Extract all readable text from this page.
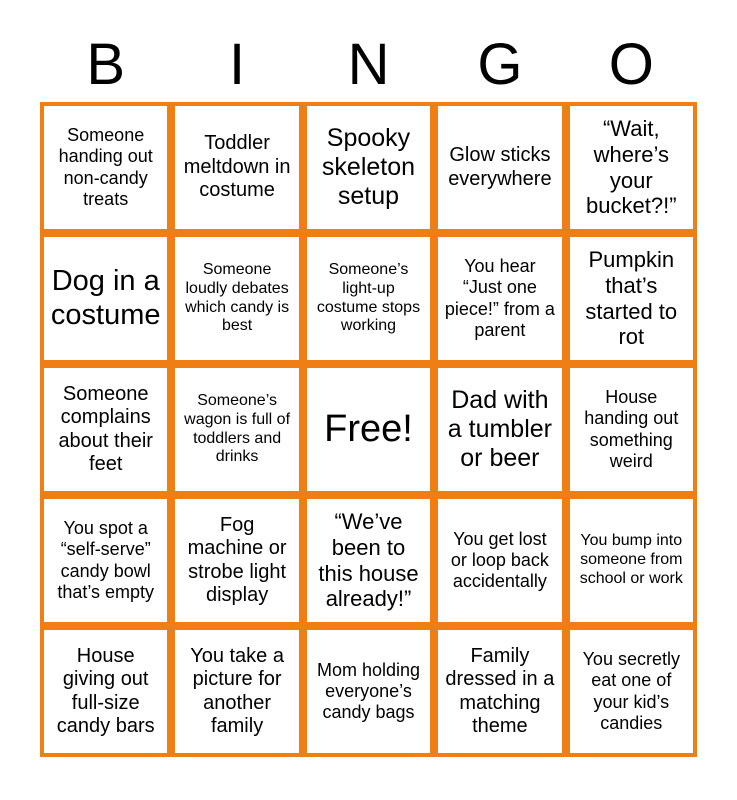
B	I	N	G	O
Someone handing out non-candy treats
Toddler meltdown in costume
Spooky skeleton setup
Glow sticks everywhere
“Wait, where’s your bucket?!”
Dog in a costume
Someone loudly debates which candy is best
Someone’s light-up costume stops working
You hear “Just one piece!” from a parent
Pumpkin that’s started to rot
Someone complains about their feet
Someone’s wagon is full of toddlers and drinks
Free!
Dad with a tumbler or beer
House handing out something weird
You spot a “self-serve” candy bowl that’s empty
Fog machine or strobe light display
“We’ve been to this house already!”
You get lost or loop back accidentally
You bump into someone from school or work
House giving out full-size candy bars
You take a picture for another family
Mom holding everyone’s candy bags
Family dressed in a matching theme
You secretly eat one of your kid’s candies
